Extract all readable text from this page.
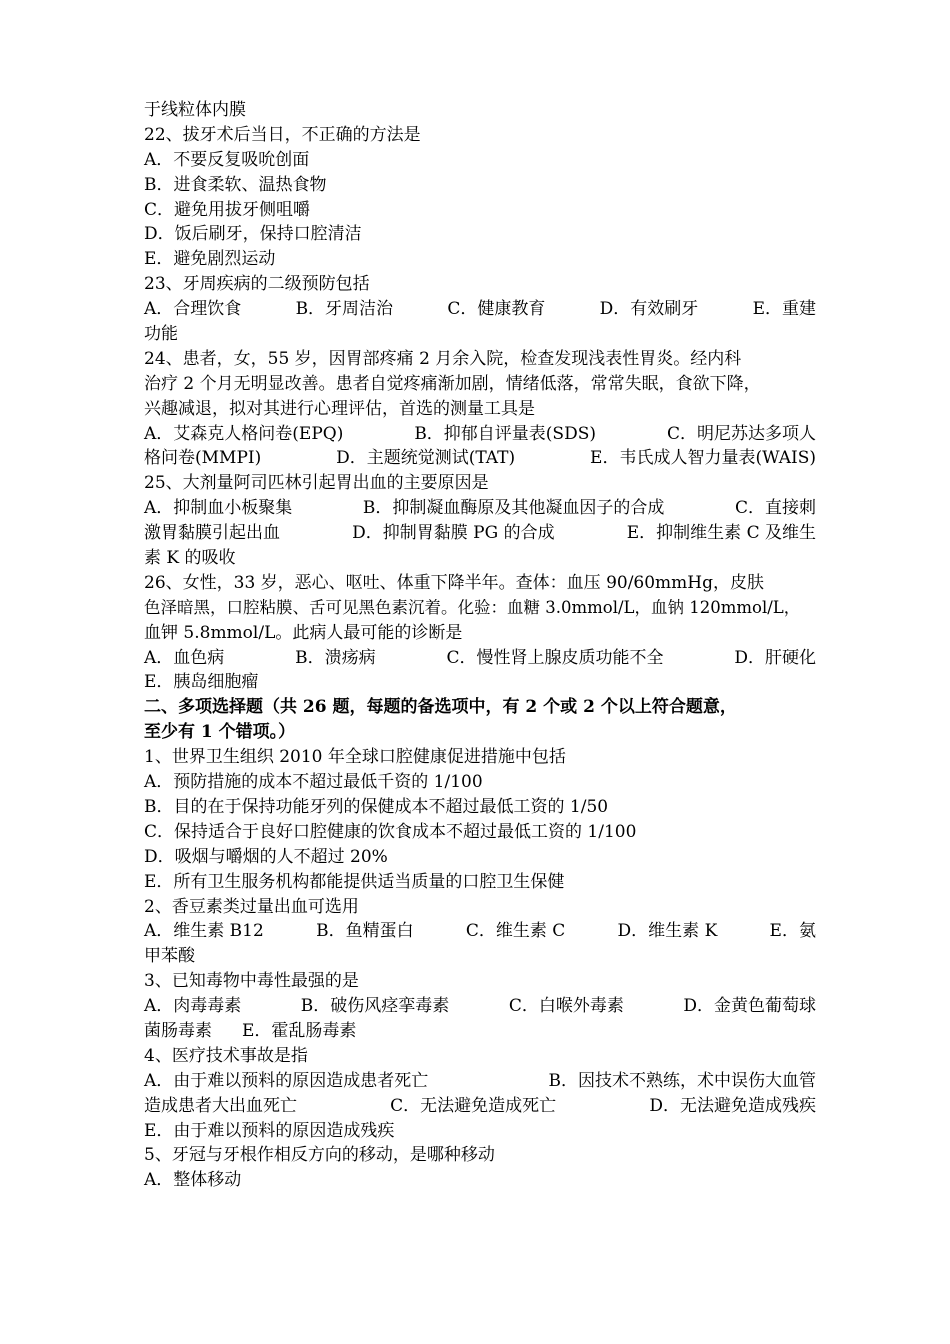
于线粒体内膜
22、拔牙术后当日，不正确的方法是
A．不要反复吸吮创面
B．进食柔软、温热食物
C．避免用拔牙侧咀嚼
D．饭后刷牙，保持口腔清洁
E．避免剧烈运动
23、牙周疾病的二级预防包括
A．合理饮食	B．牙周洁治	C．健康教育	D．有效刷牙	E．重建
功能
24、患者，女，55 岁，因胃部疼痛 2 月余入院，检查发现浅表性胃炎。经内科
治疗 2 个月无明显改善。患者自觉疼痛渐加剧，情绪低落，常常失眠，食欲下降，
兴趣减退，拟对其进行心理评估，首选的测量工具是
A．艾森克人格问卷(EPQ)	B．抑郁自评量表(SDS)	C．明尼苏达多项人
格问卷(MMPI)	D．主题统觉测试(TAT)	E．韦氏成人智力量表(WAIS)
25、大剂量阿司匹林引起胃出血的主要原因是
A．抑制血小板聚集	B．抑制凝血酶原及其他凝血因子的合成	C．直接刺
激胃黏膜引起出血	D．抑制胃黏膜 PG 的合成	E．抑制维生素 C 及维生
素 K 的吸收
26、女性，33 岁，恶心、呕吐、体重下降半年。查体：血压 90/60mmHg，皮肤
色泽暗黑，口腔粘膜、舌可见黑色素沉着。化验：血糖 3.0mmol/L，血钠 120mmol/L，
血钾 5.8mmol/L。此病人最可能的诊断是
A．血色病	B．溃疡病	C．慢性肾上腺皮质功能不全	D．肝硬化
E．胰岛细胞瘤
二、多项选择题（共 26 题，每题的备选项中，有 2 个或 2 个以上符合题意，
至少有 1 个错项。）
1、世界卫生组织 2010 年全球口腔健康促进措施中包括
A．预防措施的成本不超过最低千资的 1/100
B．目的在于保持功能牙列的保健成本不超过最低工资的 1/50
C．保持适合于良好口腔健康的饮食成本不超过最低工资的 1/100
D．吸烟与嚼烟的人不超过 20%
E．所有卫生服务机构都能提供适当质量的口腔卫生保健
2、香豆素类过量出血可选用
A．维生素 B12	B．鱼精蛋白	C．维生素 C	D．维生素 K	E．氨
甲苯酸
3、已知毒物中毒性最强的是
A．肉毒毒素	B．破伤风痉挛毒素	C．白喉外毒素	D．金黄色葡萄球
菌肠毒素 E．霍乱肠毒素
4、医疗技术事故是指
A．由于难以预料的原因造成患者死亡	B．因技术不熟练，术中误伤大血管
造成患者大出血死亡	C．无法避免造成死亡	D．无法避免造成残疾
E．由于难以预料的原因造成残疾
5、牙冠与牙根作相反方向的移动，是哪种移动
A．整体移动
